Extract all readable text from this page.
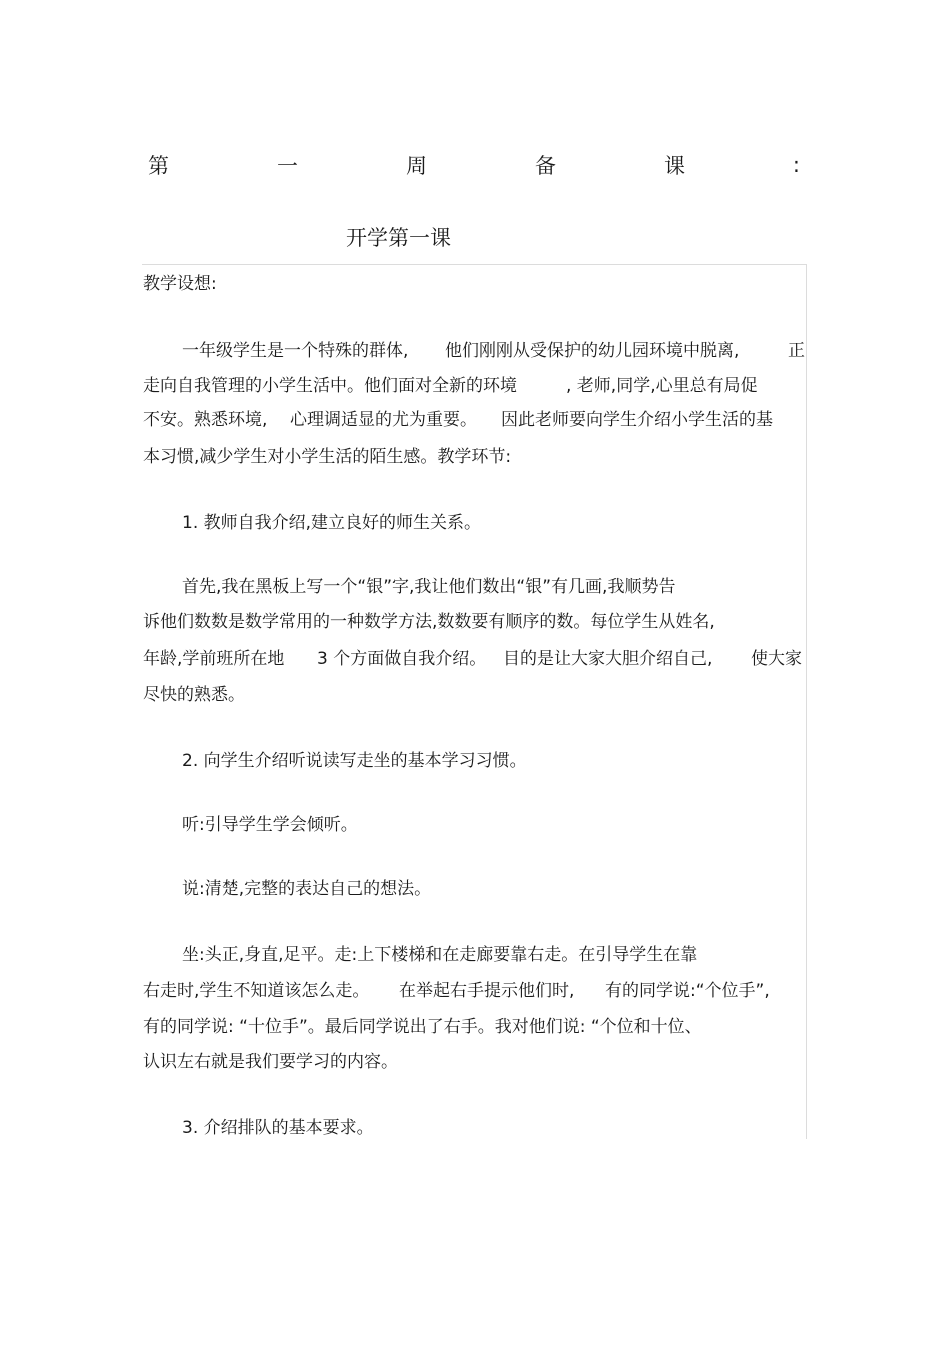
第	一	周	备	课	:
开学第一课
教学设想:
一年级学生是一个特殊的群体, 他们刚刚从受保护的幼儿园环境中脱离,	正
走向自我管理的小学生活中。他们面对全新的环境	, 老师,同学,心里总有局促
不安。熟悉环境, 心理调适显的尤为重要。 因此老师要向学生介绍小学生活的基
本习惯,减少学生对小学生活的陌生感。教学环节:
1. 教师自我介绍,建立良好的师生关系。
首先,我在黑板上写一个“银”字,我让他们数出“银”有几画,我顺势告
诉他们数数是数学常用的一种数学方法,数数要有顺序的数。每位学生从姓名,
年龄,学前班所在地 3 个方面做自我介绍。 目的是让大家大胆介绍自己, 使大家
尽快的熟悉。
2. 向学生介绍听说读写走坐的基本学习习惯。
听:引导学生学会倾听。
说:清楚,完整的表达自己的想法。
坐:头正,身直,足平。走:上下楼梯和在走廊要靠右走。在引导学生在靠
右走时,学生不知道该怎么走。 在举起右手提示他们时, 有的同学说:“个位手”,
有的同学说: “十位手”。最后同学说出了右手。我对他们说: “个位和十位、
认识左右就是我们要学习的内容。
3. 介绍排队的基本要求。
